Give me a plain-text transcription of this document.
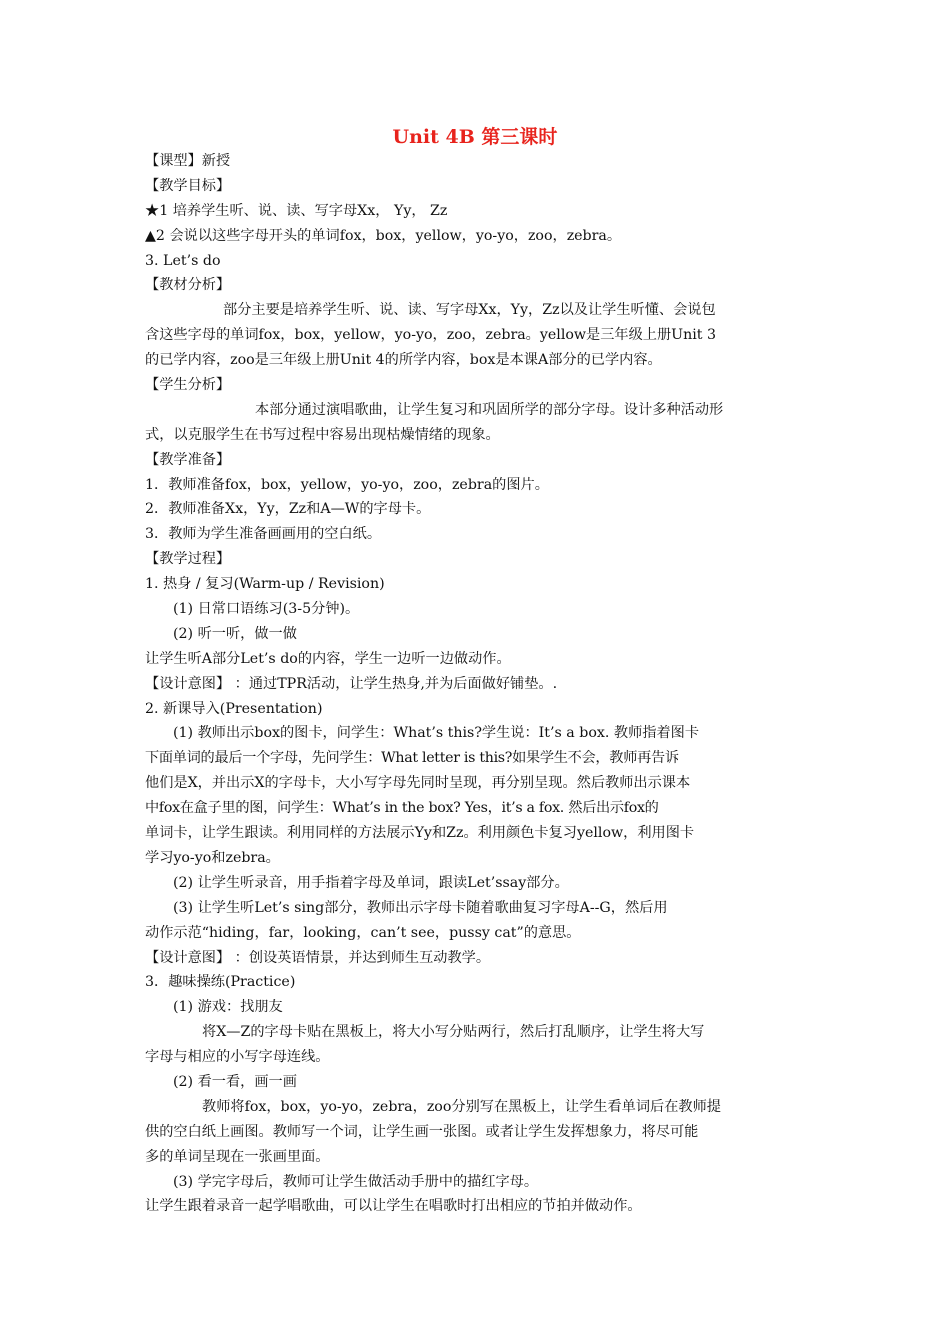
Unit 4B 第三课时
【课型】新授
【教学目标】
★1 培养学生听、说、读、写字母Xx， Yy， Zz
▲2 会说以这些字母开头的单词fox，box，yellow，yo-yo，zoo，zebra。
3. Let’s do
【教材分析】
部分主要是培养学生听、说、读、写字母Xx，Yy，Zz以及让学生听懂、会说包
含这些字母的单词fox，box，yellow，yo-yo，zoo，zebra。yellow是三年级上册Unit 3
的已学内容，zoo是三年级上册Unit 4的所学内容，box是本课A部分的已学内容。
【学生分析】
本部分通过演唱歌曲，让学生复习和巩固所学的部分字母。设计多种活动形
式，以克服学生在书写过程中容易出现枯燥情绪的现象。
【教学准备】
1．教师准备fox，box，yellow，yo-yo，zoo，zebra的图片。
2．教师准备Xx，Yy，Zz和A—W的字母卡。
3．教师为学生准备画画用的空白纸。
【教学过程】
1. 热身 / 复习(Warm-up / Revision)
(1) 日常口语练习(3-5分钟)。
(2) 听一听，做一做
让学生听A部分Let’s do的内容，学生一边听一边做动作。
【设计意图】 ：通过TPR活动，让学生热身,并为后面做好铺垫。.
2. 新课导入(Presentation)
(1) 教师出示box的图卡，问学生：What’s this?学生说：It’s a box. 教师指着图卡
下面单词的最后一个字母，先问学生：What letter is this?如果学生不会，教师再告诉
他们是X，并出示X的字母卡，大小写字母先同时呈现，再分别呈现。然后教师出示课本
中fox在盒子里的图，问学生：What’s in the box? Yes，it’s a fox. 然后出示fox的
单词卡，让学生跟读。利用同样的方法展示Yy和Zz。利用颜色卡复习yellow，利用图卡
学习yo-yo和zebra。
(2) 让学生听录音，用手指着字母及单词，跟读Let’ssay部分。
(3) 让学生听Let’s sing部分，教师出示字母卡随着歌曲复习字母A--G，然后用
动作示范“hiding，far，looking，can’t see，pussy cat”的意思。
【设计意图】 ：创设英语情景，并达到师生互动教学。
3．趣味操练(Practice)
(1) 游戏：找朋友
将X—Z的字母卡贴在黑板上，将大小写分贴两行，然后打乱顺序，让学生将大写
字母与相应的小写字母连线。
(2) 看一看，画一画
教师将fox，box，yo-yo，zebra，zoo分别写在黑板上，让学生看单词后在教师提
供的空白纸上画图。教师写一个词，让学生画一张图。或者让学生发挥想象力，将尽可能
多的单词呈现在一张画里面。
(3) 学完字母后，教师可让学生做活动手册中的描红字母。
让学生跟着录音一起学唱歌曲，可以让学生在唱歌时打出相应的节拍并做动作。
